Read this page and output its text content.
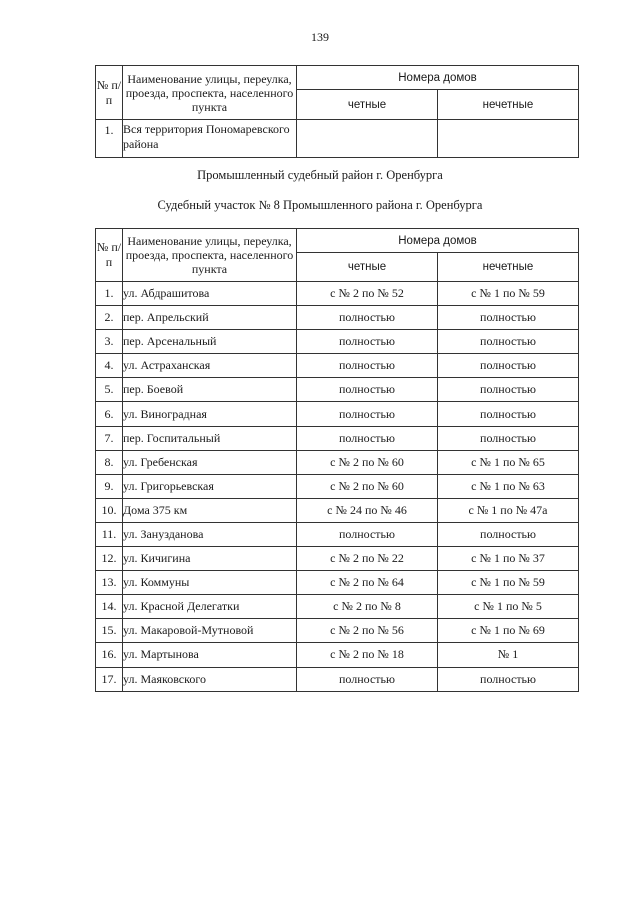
139
№ п/п	Наименование улицы, переулка, проезда, проспекта, населенного пункта	Номера домов	
		четные	нечетные
1.	Вся территория Пономаревского района		
Промышленный судебный район г. Оренбурга
Судебный участок № 8 Промышленного района г. Оренбурга
№ п/п	Наименование улицы, переулка, проезда, проспекта, населенного пункта	Номера домов	
		четные	нечетные
1.	ул. Абдрашитова	с № 2 по № 52	с № 1 по № 59
2.	пер. Апрельский	полностью	полностью
3.	пер. Арсенальный	полностью	полностью
4.	ул. Астраханская	полностью	полностью
5.	пер. Боевой	полностью	полностью
6.	ул. Виноградная	полностью	полностью
7.	пер. Госпитальный	полностью	полностью
8.	ул. Гребенская	с № 2 по № 60	с № 1 по № 65
9.	ул. Григорьевская	с № 2 по № 60	с № 1 по № 63
10.	Дома 375 км	с № 24 по № 46	с № 1 по № 47а
11.	ул. Занузданова	полностью	полностью
12.	ул. Кичигина	с № 2 по № 22	с № 1 по № 37
13.	ул. Коммуны	с № 2 по № 64	с № 1 по № 59
14.	ул. Красной Делегатки	с № 2 по № 8	с № 1 по № 5
15.	ул. Макаровой-Мутновой	с № 2 по № 56	с № 1 по № 69
16.	ул. Мартынова	с № 2 по № 18	№ 1
17.	ул. Маяковского	полностью	полностью
